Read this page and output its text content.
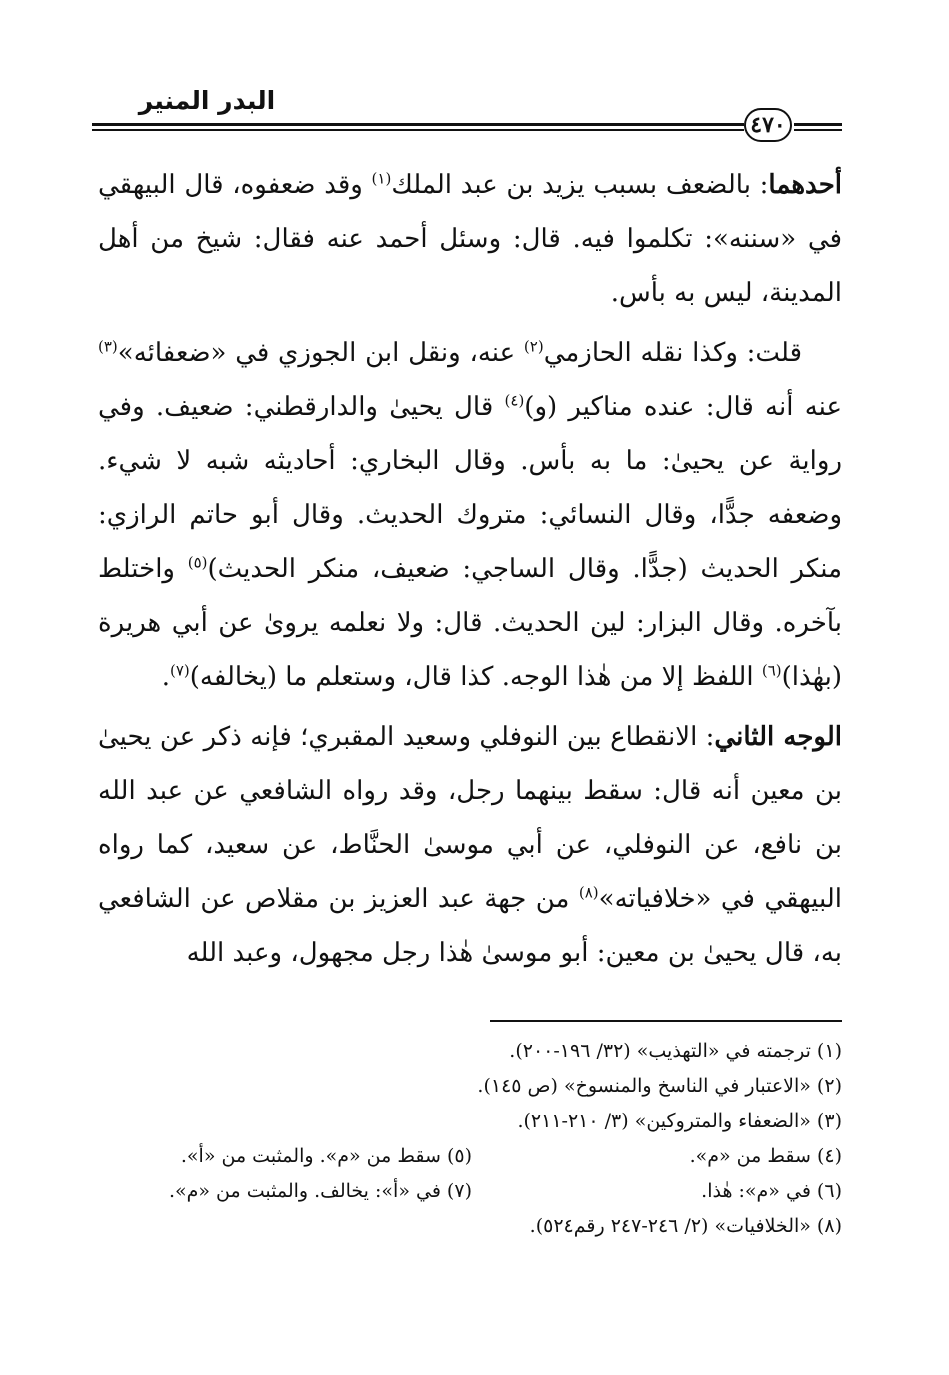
البدر المنير
٤٧٠

أحدهما: بالضعف بسبب يزيد بن عبد الملك$^{(١)}$ وقد ضعفوه، قال البيهقي في «سننه»: تكلموا فيه. قال: وسئل أحمد عنه فقال: شيخ من أهل المدينة، ليس به بأس.

قلت: وكذا نقله الحازمي$^{(٢)}$ عنه، ونقل ابن الجوزي في «ضعفائه»$^{(٣)}$ عنه أنه قال: عنده مناكير (و)$^{(٤)}$ قال يحيىٰ والدارقطني: ضعيف. وفي رواية عن يحيىٰ: ما به بأس. وقال البخاري: أحاديثه شبه لا شيء. وضعفه جدًّا، وقال النسائي: متروك الحديث. وقال أبو حاتم الرازي: منكر الحديث (جدًّا. وقال الساجي: ضعيف، منكر الحديث)$^{(٥)}$ واختلط بآخره. وقال البزار: لين الحديث. قال: ولا نعلمه يرویٰ عن أبي هريرة (بهٰذا)$^{(٦)}$ اللفظ إلا من هٰذا الوجه. كذا قال، وستعلم ما (يخالفه)$^{(٧)}$.

الوجه الثاني: الانقطاع بين النوفلي وسعيد المقبري؛ فإنه ذكر عن يحيىٰ بن معين أنه قال: سقط بينهما رجل، وقد رواه الشافعي عن عبد الله بن نافع، عن النوفلي، عن أبي موسىٰ الحنَّاط، عن سعيد، كما رواه البيهقي في «خلافياته»$^{(٨)}$ من جهة عبد العزيز بن مقلاص عن الشافعي به، قال يحيىٰ بن معين: أبو موسىٰ هٰذا رجل مجهول، وعبد الله

(١) ترجمته في «التهذيب» (٣٢/ ١٩٦-٢٠٠).
(٢) «الاعتبار في الناسخ والمنسوخ» (ص ١٤٥).
(٣) «الضعفاء والمتروكين» (٣/ ٢١٠-٢١١).
(٤) سقط من «م».
(٥) سقط من «م». والمثبت من «أ».
(٦) في «م»: هٰذا.
(٧) في «أ»: يخالف. والمثبت من «م».
(٨) «الخلافيات» (٢/ ٢٤٦-٢٤٧ رقم٥٢٤).
